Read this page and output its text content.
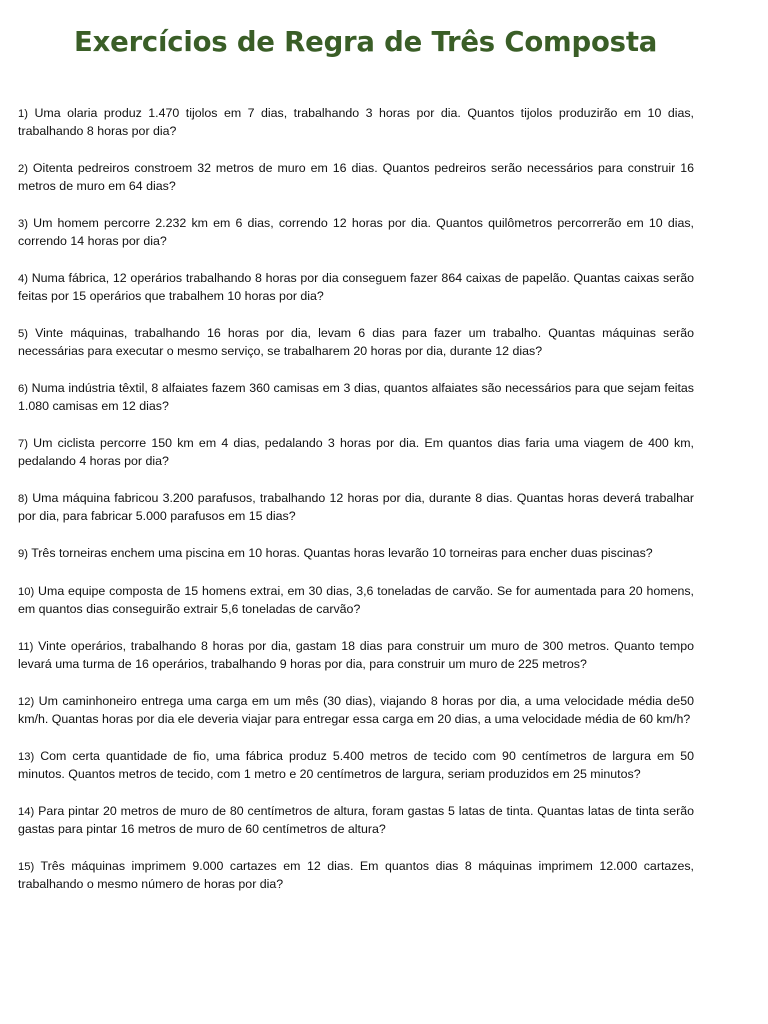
Exercícios de Regra de Três Composta
1 ) Uma olaria produz 1.470 tijolos em 7 dias, trabalhando 3 horas por dia. Quantos tijolos produzirão em 10 dias, trabalhando 8 horas por dia?
2 ) Oitenta pedreiros constroem 32 metros de muro em 16 dias. Quantos pedreiros serão necessários para construir 16 metros de muro em 64 dias?
3 ) Um homem percorre 2.232 km em 6 dias, correndo 12 horas por dia. Quantos quilômetros percorrerão em 10 dias, correndo 14 horas por dia?
4 ) Numa fábrica, 12 operários trabalhando 8 horas por dia conseguem fazer 864 caixas de papelão. Quantas caixas serão feitas por 15 operários que trabalhem 10 horas por dia?
5 ) Vinte máquinas, trabalhando 16 horas por dia, levam 6 dias para fazer um trabalho. Quantas máquinas serão necessárias para executar o mesmo serviço, se trabalharem 20 horas por dia, durante 12 dias?
6 ) Numa indústria têxtil, 8 alfaiates fazem 360 camisas em 3 dias, quantos alfaiates são necessários para que sejam feitas 1.080 camisas em 12 dias?
7 ) Um ciclista percorre 150 km em 4 dias, pedalando 3 horas por dia. Em quantos dias faria uma viagem de 400 km, pedalando 4 horas por dia?
8 ) Uma máquina fabricou 3.200 parafusos, trabalhando 12 horas por dia, durante 8 dias. Quantas horas deverá trabalhar por dia, para fabricar 5.000 parafusos em 15 dias?
9 ) Três torneiras enchem uma piscina em 10 horas. Quantas horas levarão 10 torneiras para encher duas piscinas?
10 ) Uma equipe composta de 15 homens extrai, em 30 dias, 3,6 toneladas de carvão. Se for aumentada para 20 homens, em quantos dias conseguirão extrair 5,6 toneladas de carvão?
11 ) Vinte operários, trabalhando 8 horas por dia, gastam 18 dias para construir um muro de 300 metros. Quanto tempo levará uma turma de 16 operários, trabalhando 9 horas por dia, para construir um muro de 225 metros?
12 ) Um caminhoneiro entrega uma carga em um mês (30 dias), viajando 8 horas por dia, a uma velocidade média de50 km/h. Quantas horas por dia ele deveria viajar para entregar essa carga em 20 dias, a uma velocidade média de 60 km/h?
13 ) Com certa quantidade de fio, uma fábrica produz 5.400 metros de tecido com 90 centímetros de largura em 50 minutos. Quantos metros de tecido, com 1 metro e 20 centímetros de largura, seriam produzidos em 25 minutos?
14 ) Para pintar 20 metros de muro de 80 centímetros de altura, foram gastas 5 latas de tinta. Quantas latas de tinta serão gastas para pintar 16 metros de muro de 60 centímetros de altura?
15 ) Três máquinas imprimem 9.000 cartazes em 12 dias. Em quantos dias 8 máquinas imprimem 12.000 cartazes, trabalhando o mesmo número de horas por dia?
